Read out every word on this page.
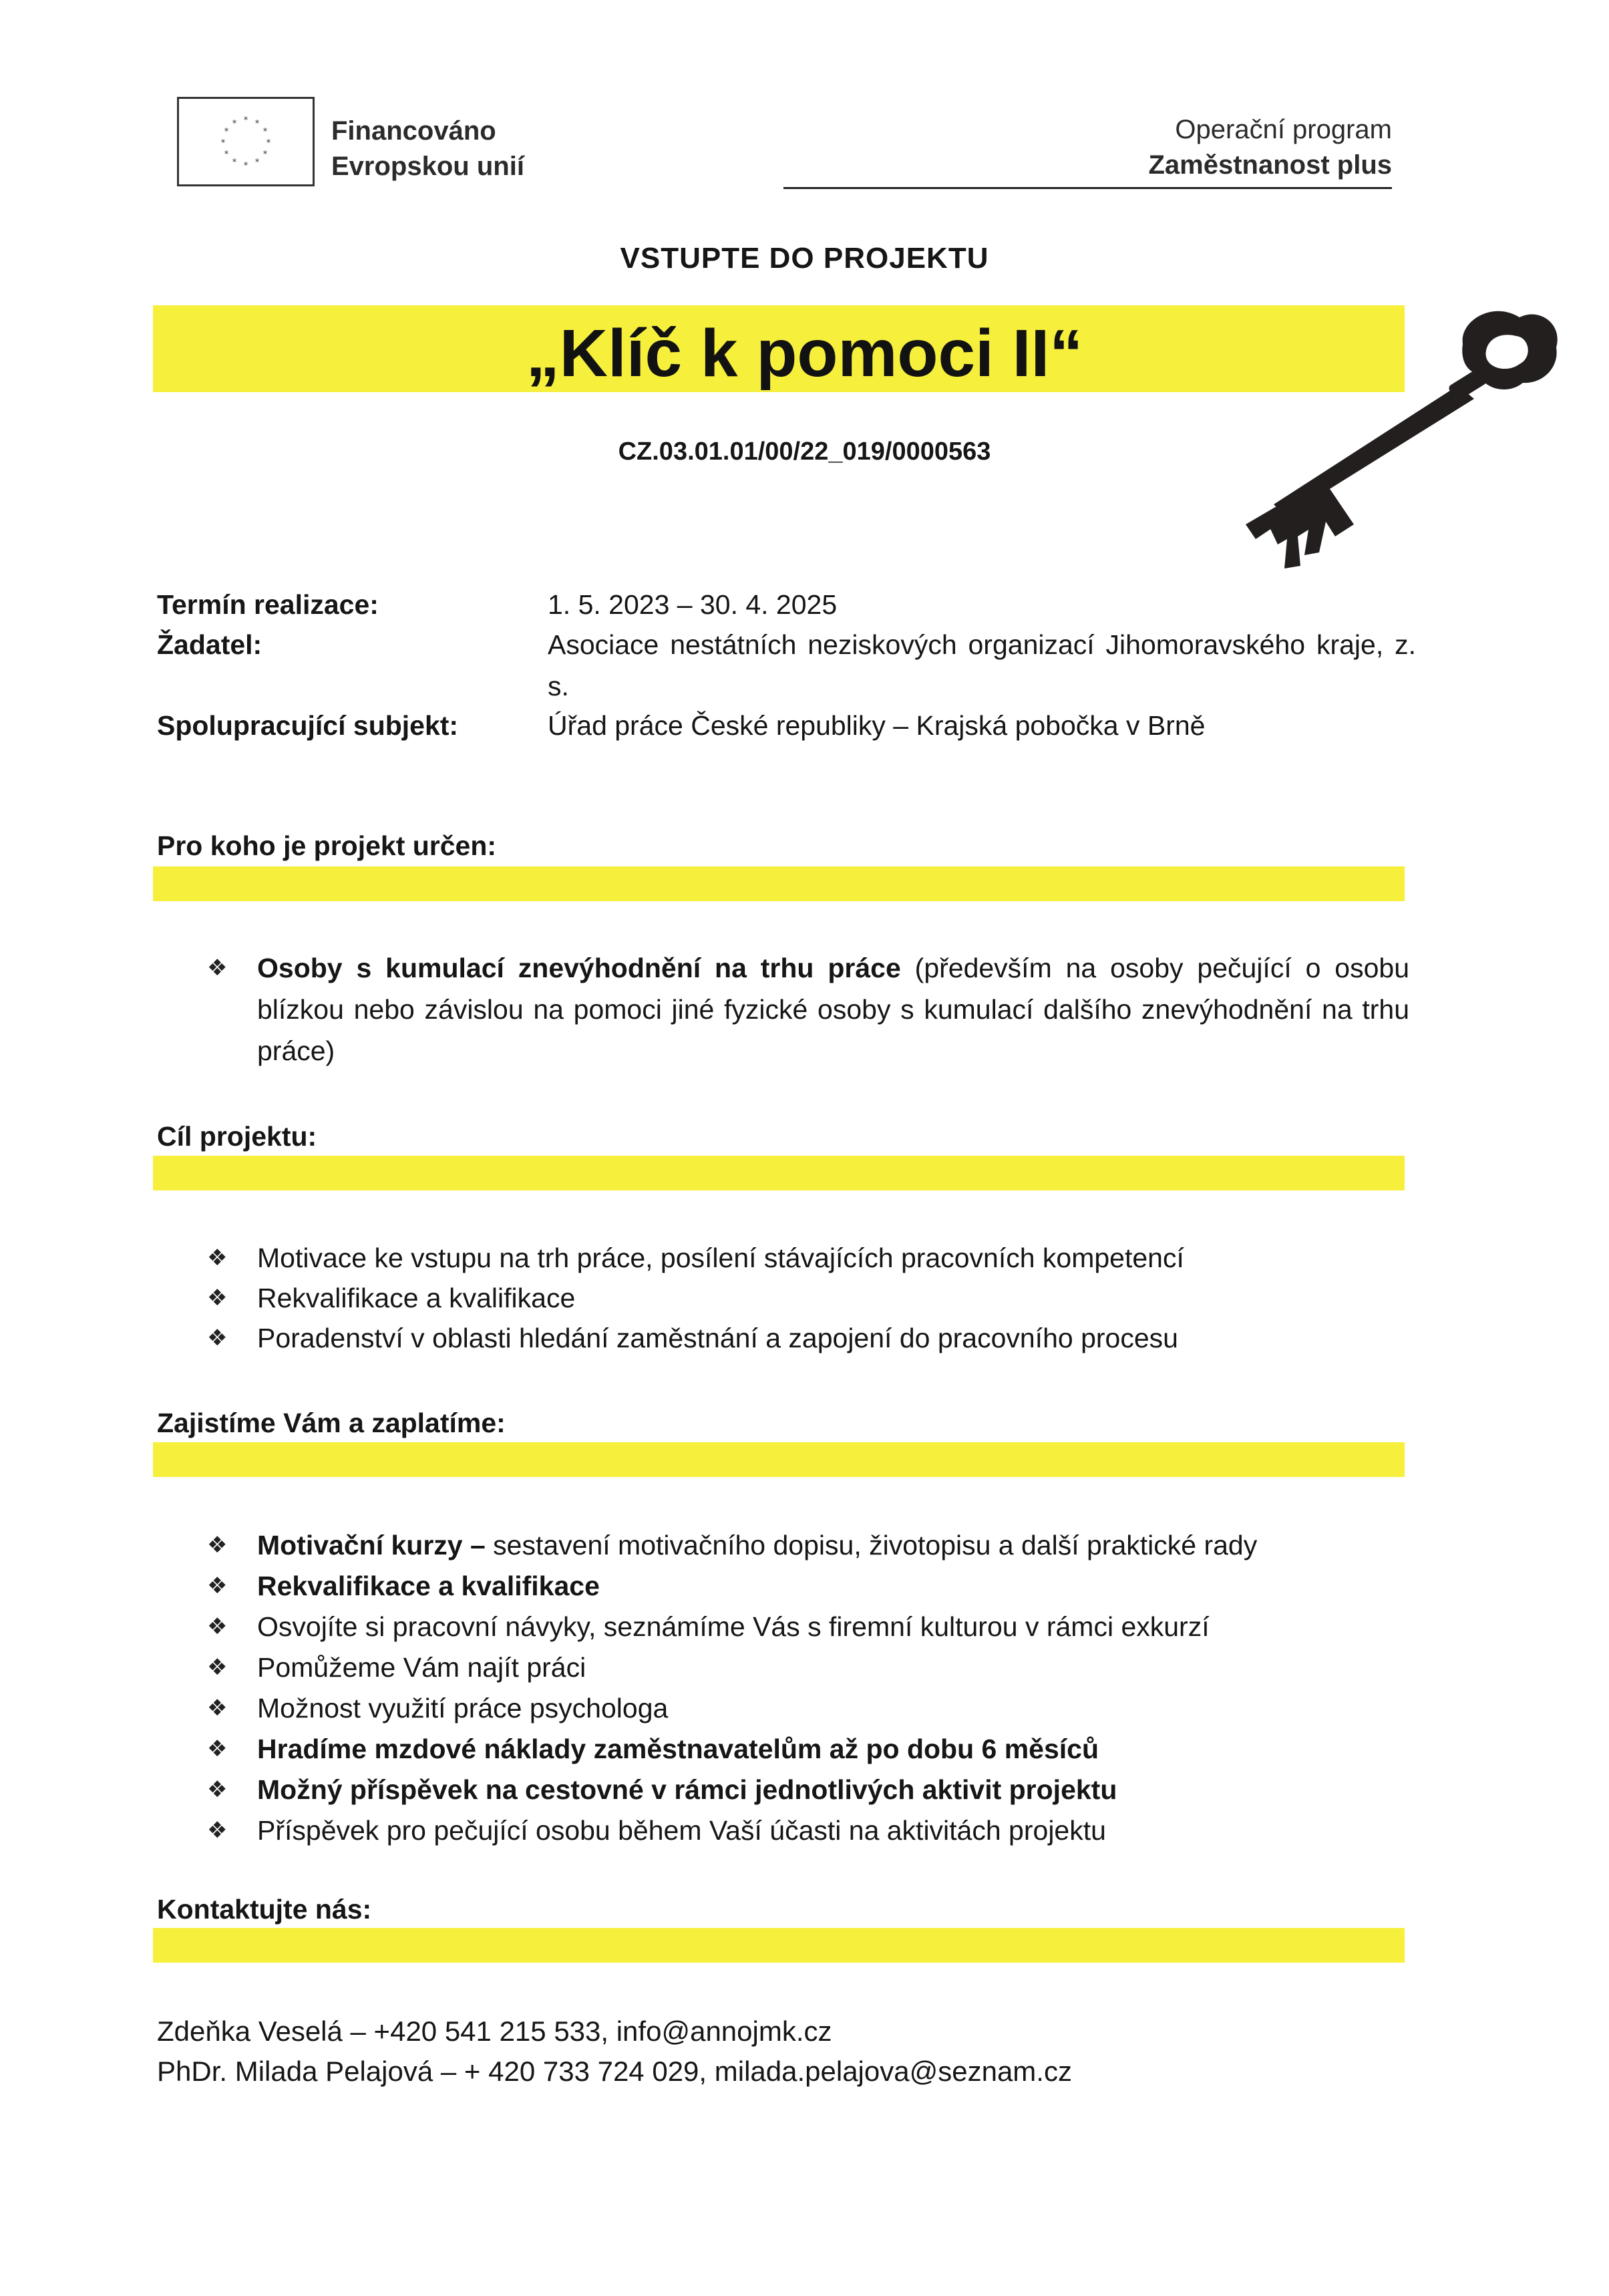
* *
*
*
*
*
*
*
*
*
*
*	Financováno
Evropskou unií
Operační program
Zaměstnanost plus
VSTUPTE DO PROJEKTU
„Klíč k pomoci II“
CZ.03.01.01/00/22_019/0000563
Termín realizace:	1. 5. 2023 – 30. 4. 2025
Žadatel:	Asociace nestátních neziskových organizací Jihomoravského kraje, z. s.
Spolupracující subjekt:	Úřad práce České republiky – Krajská pobočka v Brně
Pro koho je projekt určen:
❖ Osoby s kumulací znevýhodnění na trhu práce (především na osoby pečující o osobu blízkou nebo závislou na pomoci jiné fyzické osoby s kumulací dalšího znevýhodnění na trhu práce)
Cíl projektu:
❖ Motivace ke vstupu na trh práce, posílení stávajících pracovních kompetencí
❖ Rekvalifikace a kvalifikace
❖ Poradenství v oblasti hledání zaměstnání a zapojení do pracovního procesu
Zajistíme Vám a zaplatíme:
❖ Motivační kurzy – sestavení motivačního dopisu, životopisu a další praktické rady
❖ Rekvalifikace a kvalifikace
❖ Osvojíte si pracovní návyky, seznámíme Vás s firemní kulturou v rámci exkurzí
❖ Pomůžeme Vám najít práci
❖ Možnost využití práce psychologa
❖ Hradíme mzdové náklady zaměstnavatelům až po dobu 6 měsíců
❖ Možný příspěvek na cestovné v rámci jednotlivých aktivit projektu
❖ Příspěvek pro pečující osobu během Vaší účasti na aktivitách projektu
Kontaktujte nás:
Zdeňka Veselá – +420 541 215 533, info@annojmk.cz
PhDr. Milada Pelajová – + 420 733 724 029, milada.pelajova@seznam.cz
